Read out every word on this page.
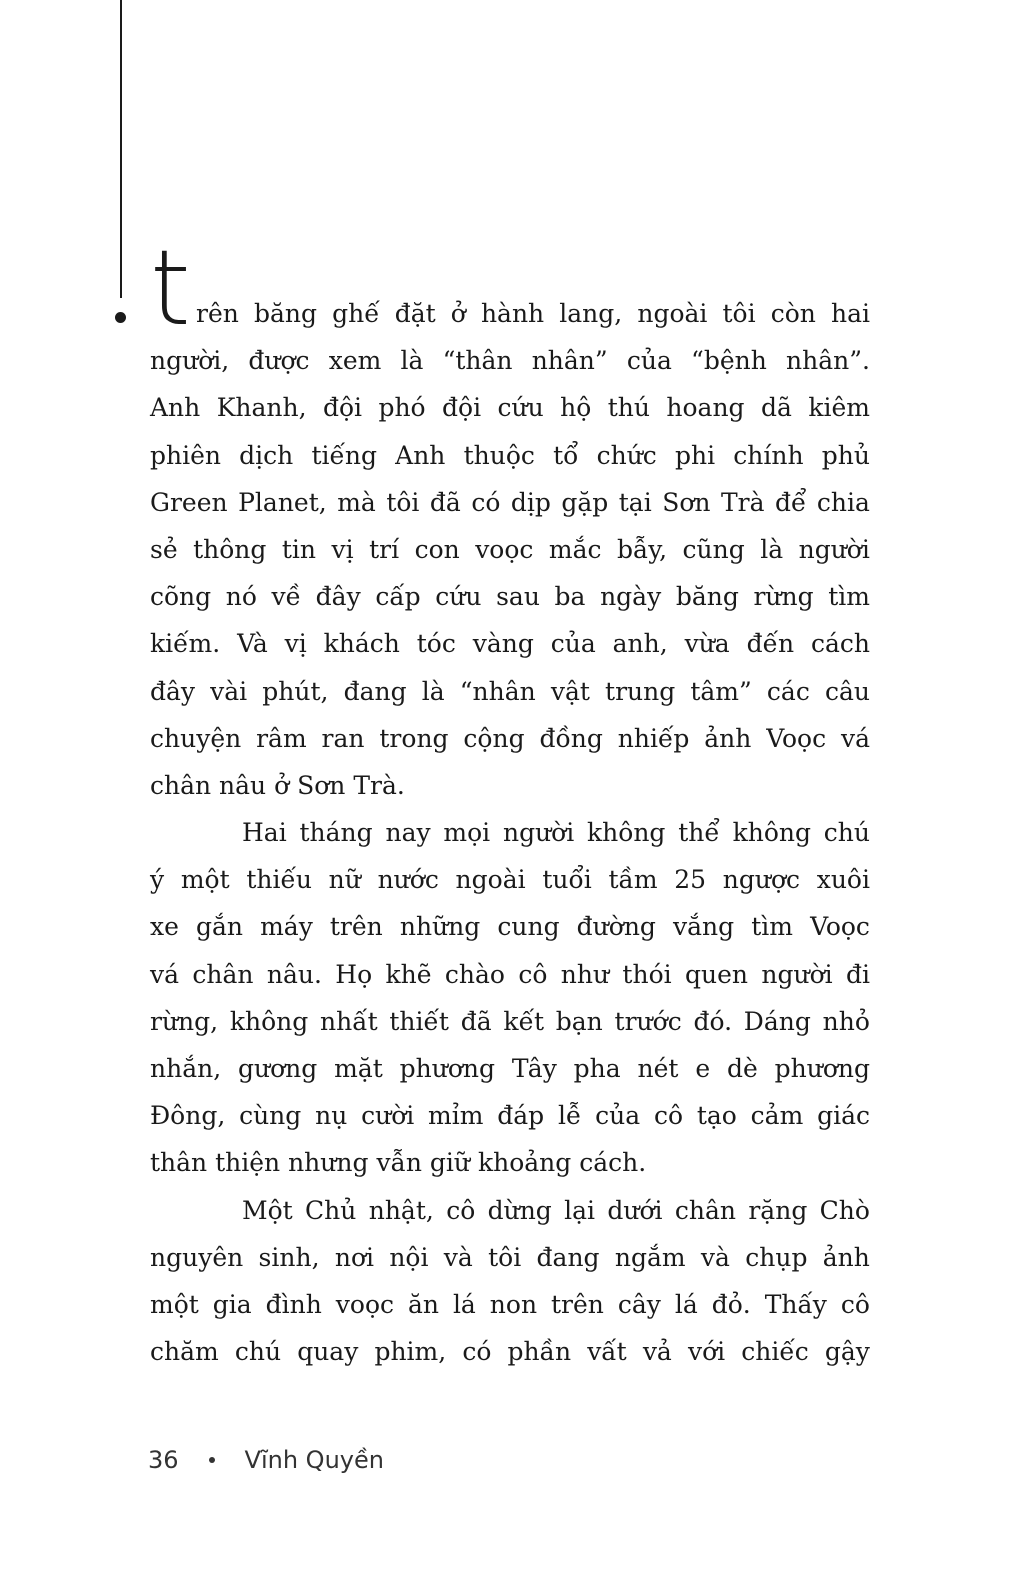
t rên băng ghế đặt ở hành lang, ngoài tôi còn hai
người, được xem là “thân nhân” của “bệnh nhân”.
Anh Khanh, đội phó đội cứu hộ thú hoang dã kiêm
phiên dịch tiếng Anh thuộc tổ chức phi chính phủ
Green Planet, mà tôi đã có dịp gặp tại Sơn Trà để chia
sẻ thông tin vị trí con voọc mắc bẫy, cũng là người
cõng nó về đây cấp cứu sau ba ngày băng rừng tìm
kiếm. Và vị khách tóc vàng của anh, vừa đến cách
đây vài phút, đang là “nhân vật trung tâm” các câu
chuyện râm ran trong cộng đồng nhiếp ảnh Voọc vá
chân nâu ở Sơn Trà.
Hai tháng nay mọi người không thể không chú
ý một thiếu nữ nước ngoài tuổi tầm 25 ngược xuôi
xe gắn máy trên những cung đường vắng tìm Voọc
vá chân nâu. Họ khẽ chào cô như thói quen người đi
rừng, không nhất thiết đã kết bạn trước đó. Dáng nhỏ
nhắn, gương mặt phương Tây pha nét e dè phương
Đông, cùng nụ cười mỉm đáp lễ của cô tạo cảm giác
thân thiện nhưng vẫn giữ khoảng cách.
Một Chủ nhật, cô dừng lại dưới chân rặng Chò
nguyên sinh, nơi nội và tôi đang ngắm và chụp ảnh
một gia đình voọc ăn lá non trên cây lá đỏ. Thấy cô
chăm chú quay phim, có phần vất vả với chiếc gậy
36	Vĩnh Quyền
